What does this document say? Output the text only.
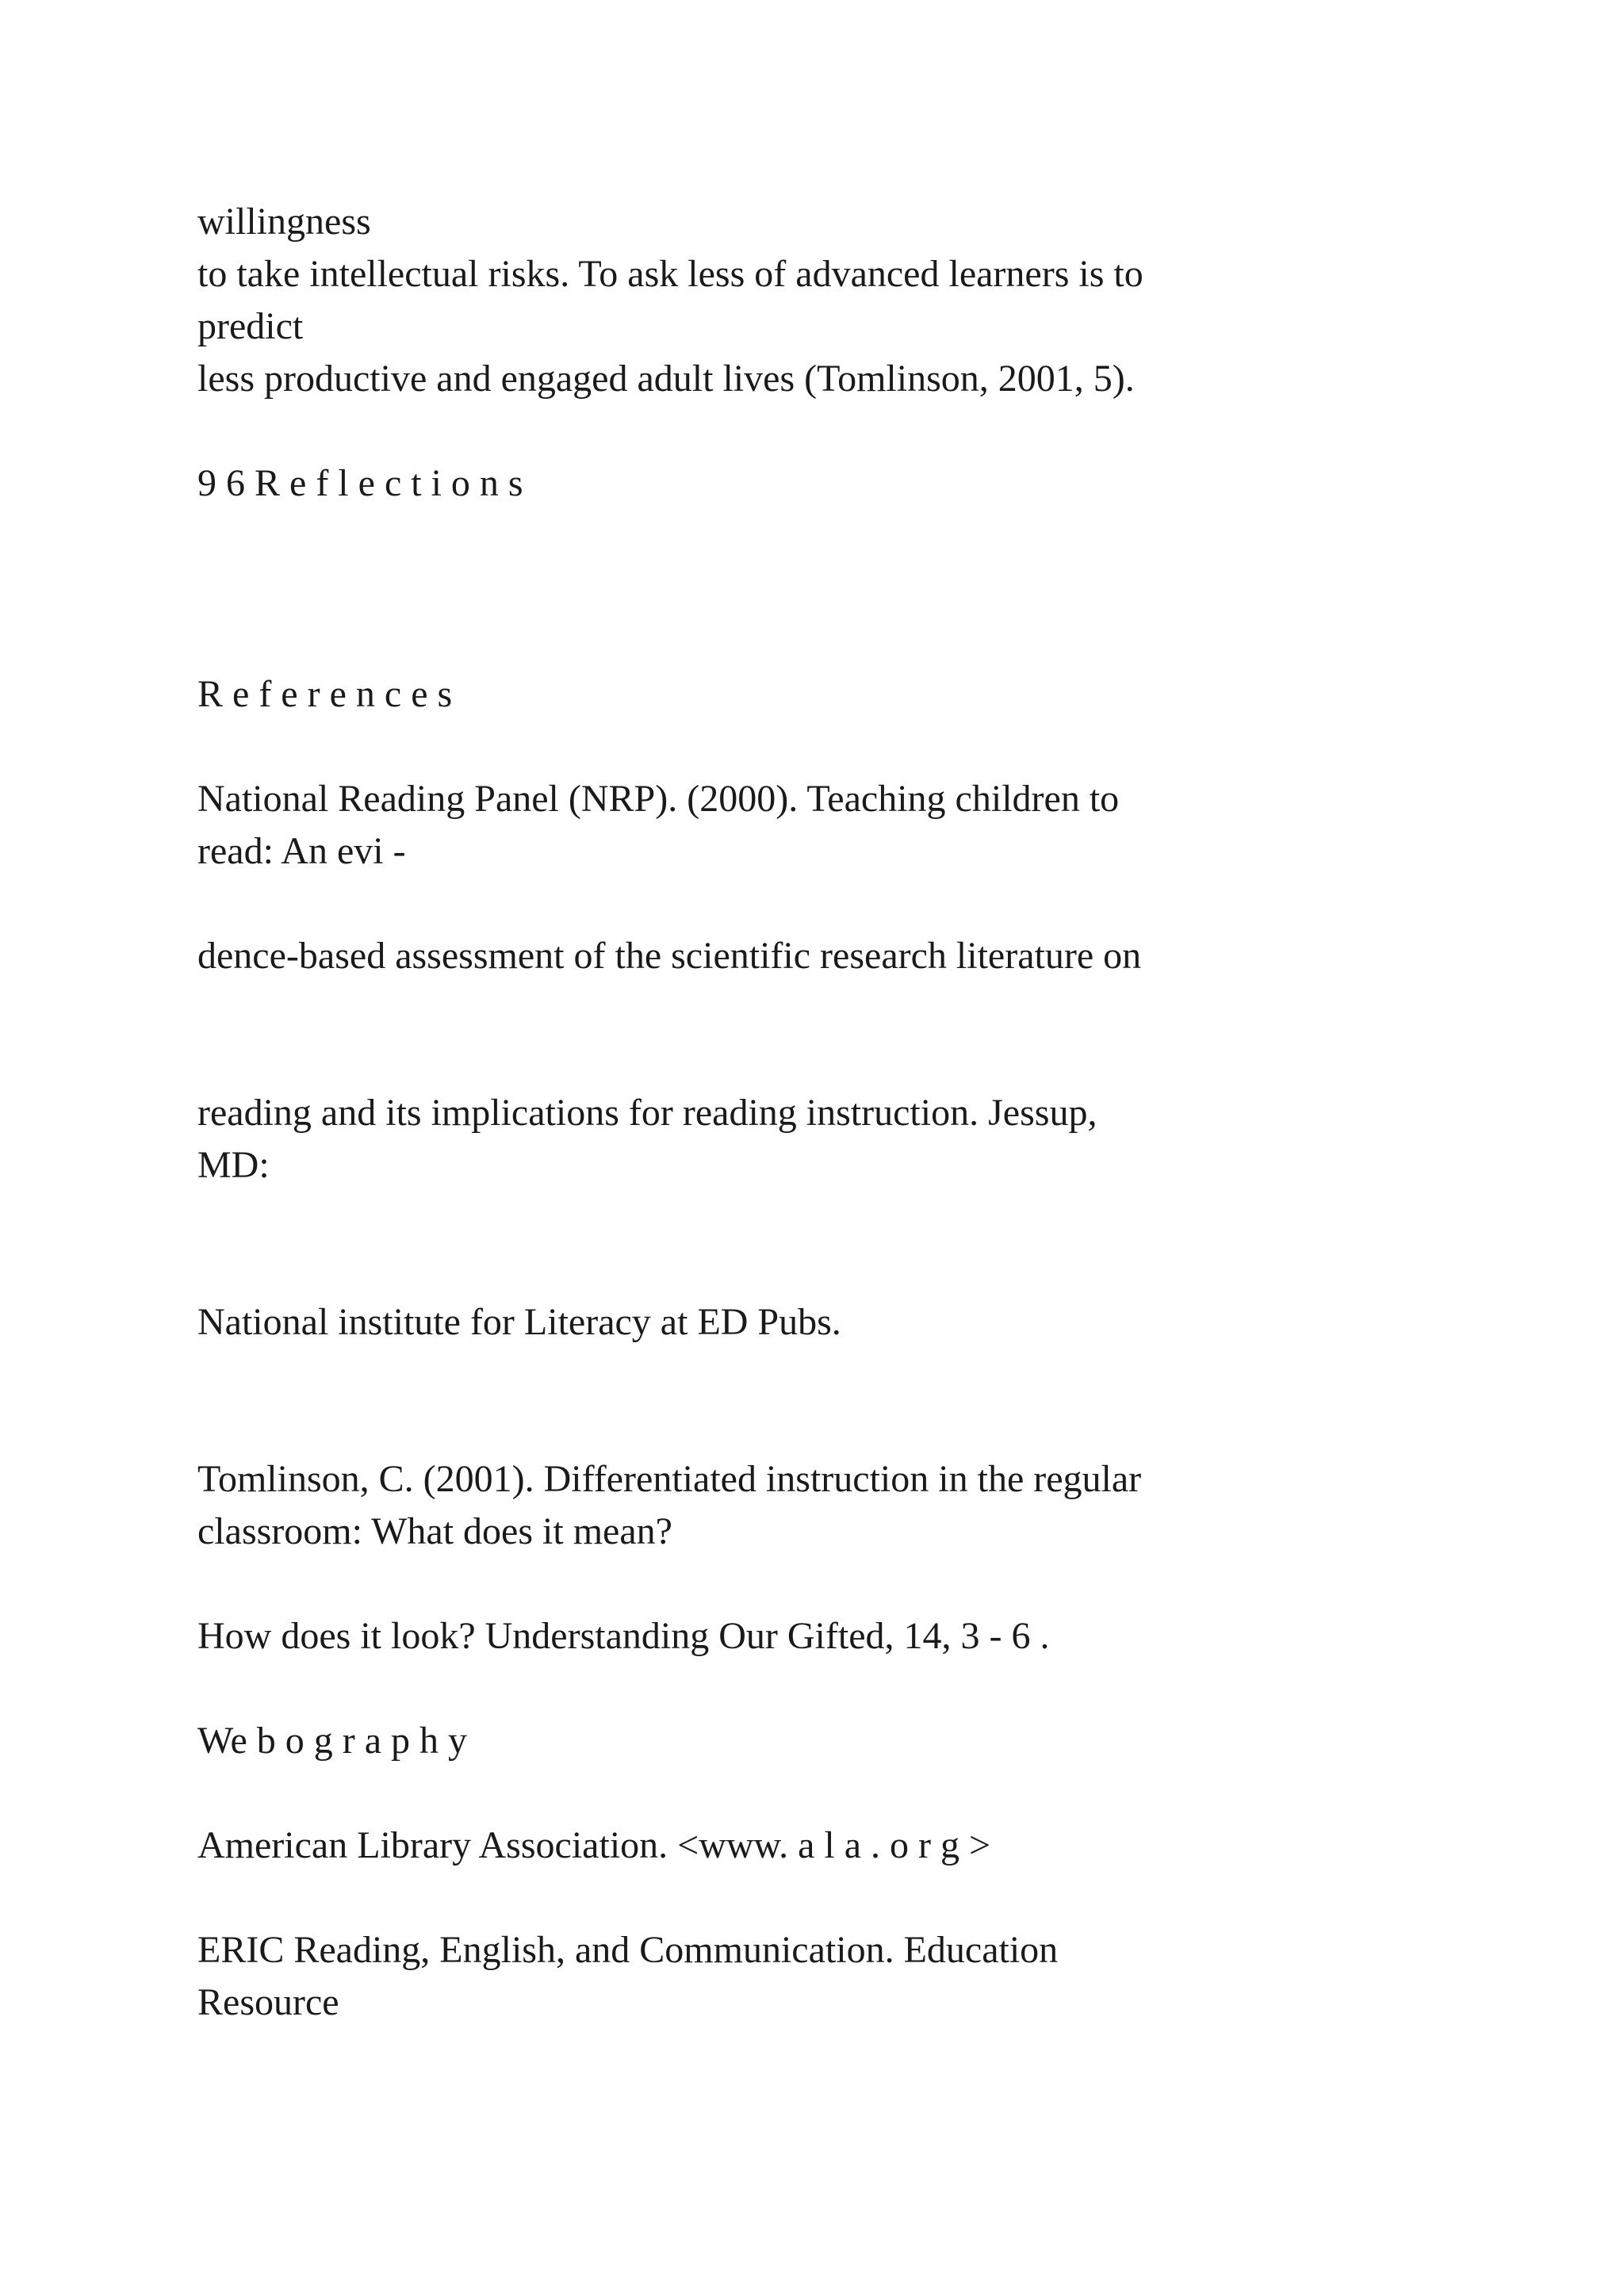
willingness

to take intellectual risks. To ask less of advanced learners is to

predict

less productive and engaged adult lives (Tomlinson, 2001, 5).

9 6 R e f l e c t i o n s

R e f e r e n c e s

National Reading Panel (NRP). (2000). Teaching children to

read: An evi -

dence-based assessment of the scientific research literature on

reading and its implications for reading instruction. Jessup,

MD:

National institute for Literacy at ED Pubs.

Tomlinson, C. (2001). Differentiated instruction in the regular

classroom: What does it mean?

How does it look? Understanding Our Gifted, 14, 3 - 6 .

We b o g r a p h y

American Library Association. <www. a l a . o r g >

ERIC Reading, English, and Communication. Education

Resource
